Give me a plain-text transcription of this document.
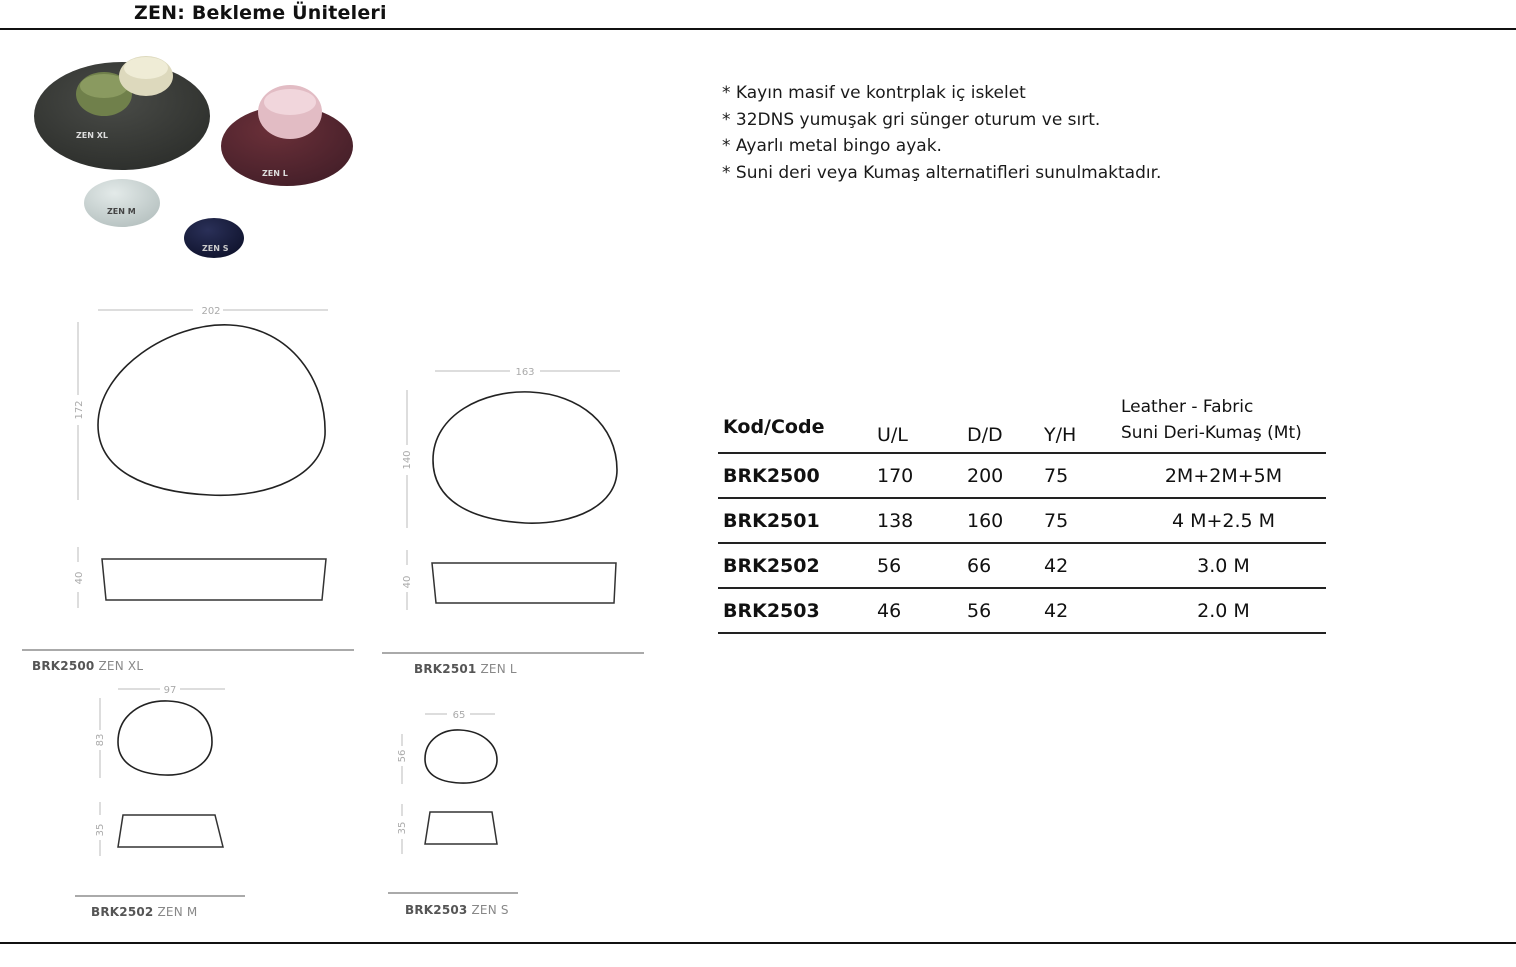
ZEN: Bekleme Üniteleri
ZEN XL
ZEN L
ZEN M
ZEN S
* Kayın masif ve kontrplak iç iskelet
* 32DNS yumuşak gri sünger oturum ve sırt.
* Ayarlı metal bingo ayak.
* Suni deri veya Kumaş alternatifleri sunulmaktadır.
Kod/Code	U/L	D/D	Y/H	Leather - Fabric
Suni Deri-Kumaş (Mt)

BRK2500	170	200	75	2M+2M+5M
BRK2501	138	160	75	4 M+2.5 M
BRK2502	56	66	42	3.0 M
BRK2503	46	56	42	2.0 M
202
172
40
BRK2500 ZEN XL
163
140
40
BRK2501 ZEN L
97
83
35
BRK2502 ZEN M
65
56
35
BRK2503 ZEN S
